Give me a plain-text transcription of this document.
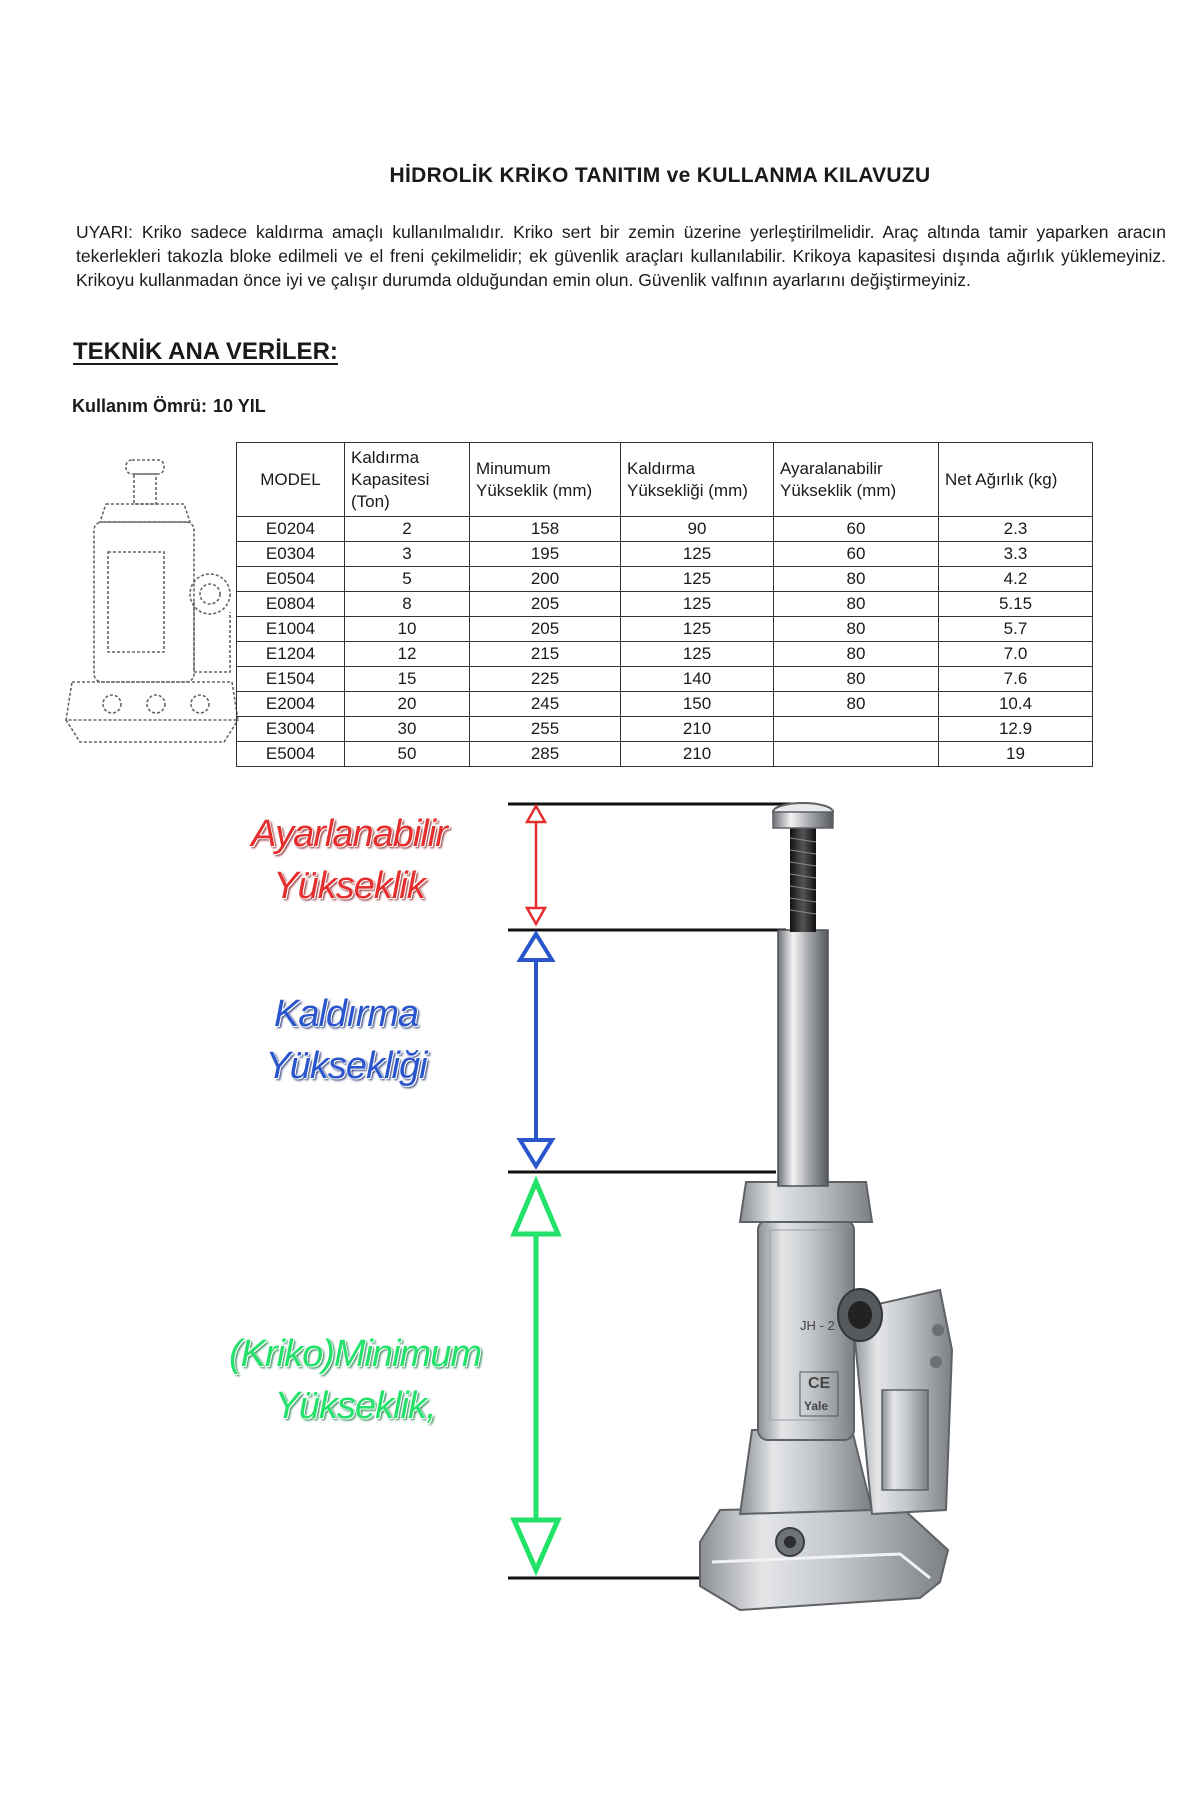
HİDROLİK KRİKO TANITIM ve KULLANMA KILAVUZU
UYARI: Kriko sadece kaldırma amaçlı kullanılmalıdır. Kriko sert bir zemin üzerine yerleştirilmelidir. Araç altında tamir yaparken aracın tekerlekleri takozla bloke edilmeli ve el freni çekilmelidir; ek güvenlik araçları kullanılabilir. Krikoya kapasitesi dışında ağırlık yüklemeyiniz. Krikoyu kullanmadan önce iyi ve çalışır durumda olduğundan emin olun. Güvenlik valfının ayarlarını değiştirmeyiniz.
TEKNİK ANA VERİLER:
Kullanım Ömrü: 10 YIL
MODEL	Kaldırma Kapasitesi (Ton)	Minumum Yükseklik (mm)	Kaldırma Yüksekliği (mm)	Ayaralanabilir Yükseklik (mm)	Net Ağırlık (kg)
E0204	2	158	90	60	2.3
E0304	3	195	125	60	3.3
E0504	5	200	125	80	4.2
E0804	8	205	125	80	5.15
E1004	10	205	125	80	5.7
E1204	12	215	125	80	7.0
E1504	15	225	140	80	7.6
E2004	20	245	150	80	10.4
E3004	30	255	210		12.9
E5004	50	285	210		19
JH - 2
CE
Yale
Ayarlanabilir
Yükseklik
Kaldırma
Yüksekliği
(Kriko)Minimum
Yükseklik,
